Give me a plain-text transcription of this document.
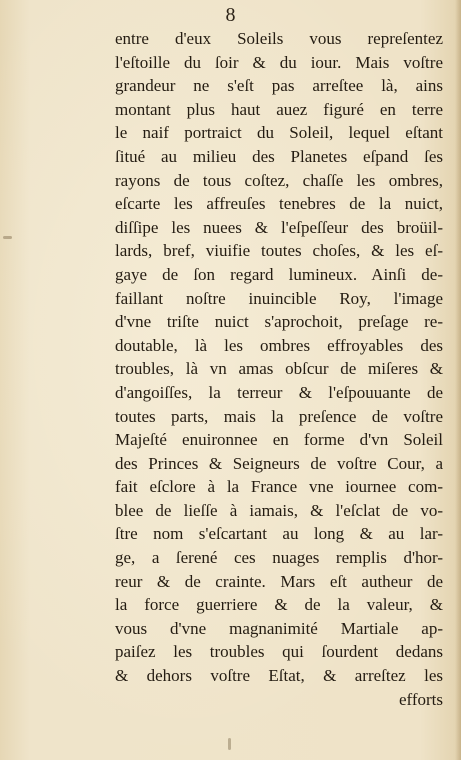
8

entre d'eux Soleils vous repreſentez
l'eſtoille du ſoir & du iour. Mais voſtre
grandeur ne s'eſt pas arreſtee là, ains
montant plus haut auez figuré en terre
le naif portraict du Soleil, lequel eſtant
ſitué au milieu des Planetes eſpand ſes
rayons de tous coſtez, chaſſe les ombres,
eſcarte les affreuſes tenebres de la nuict,
diſſipe les nuees & l'eſpeſſeur des broüil-
lards, bref, viuifie toutes choſes, & les eſ-
gaye de ſon regard lumineux. Ainſi de-
faillant noſtre inuincible Roy, l'image
d'vne triſte nuict s'aprochoit, preſage re-
doutable, là les ombres effroyables des
troubles, là vn amas obſcur de miſeres &
d'angoiſſes, la terreur & l'eſpouuante de
toutes parts, mais la preſence de voſtre
Majeſté enuironnee en forme d'vn Soleil
des Princes & Seigneurs de voſtre Cour, a
fait eſclore à la France vne iournee com-
blee de lieſſe à iamais, & l'eſclat de vo-
ſtre nom s'eſcartant au long & au lar-
ge, a ſerené ces nuages remplis d'hor-
reur & de crainte. Mars eſt autheur de
la force guerriere & de la valeur, &
vous d'vne magnanimité Martiale ap-
paiſez les troubles qui ſourdent dedans
& dehors voſtre Eſtat, & arreſtez les
efforts
